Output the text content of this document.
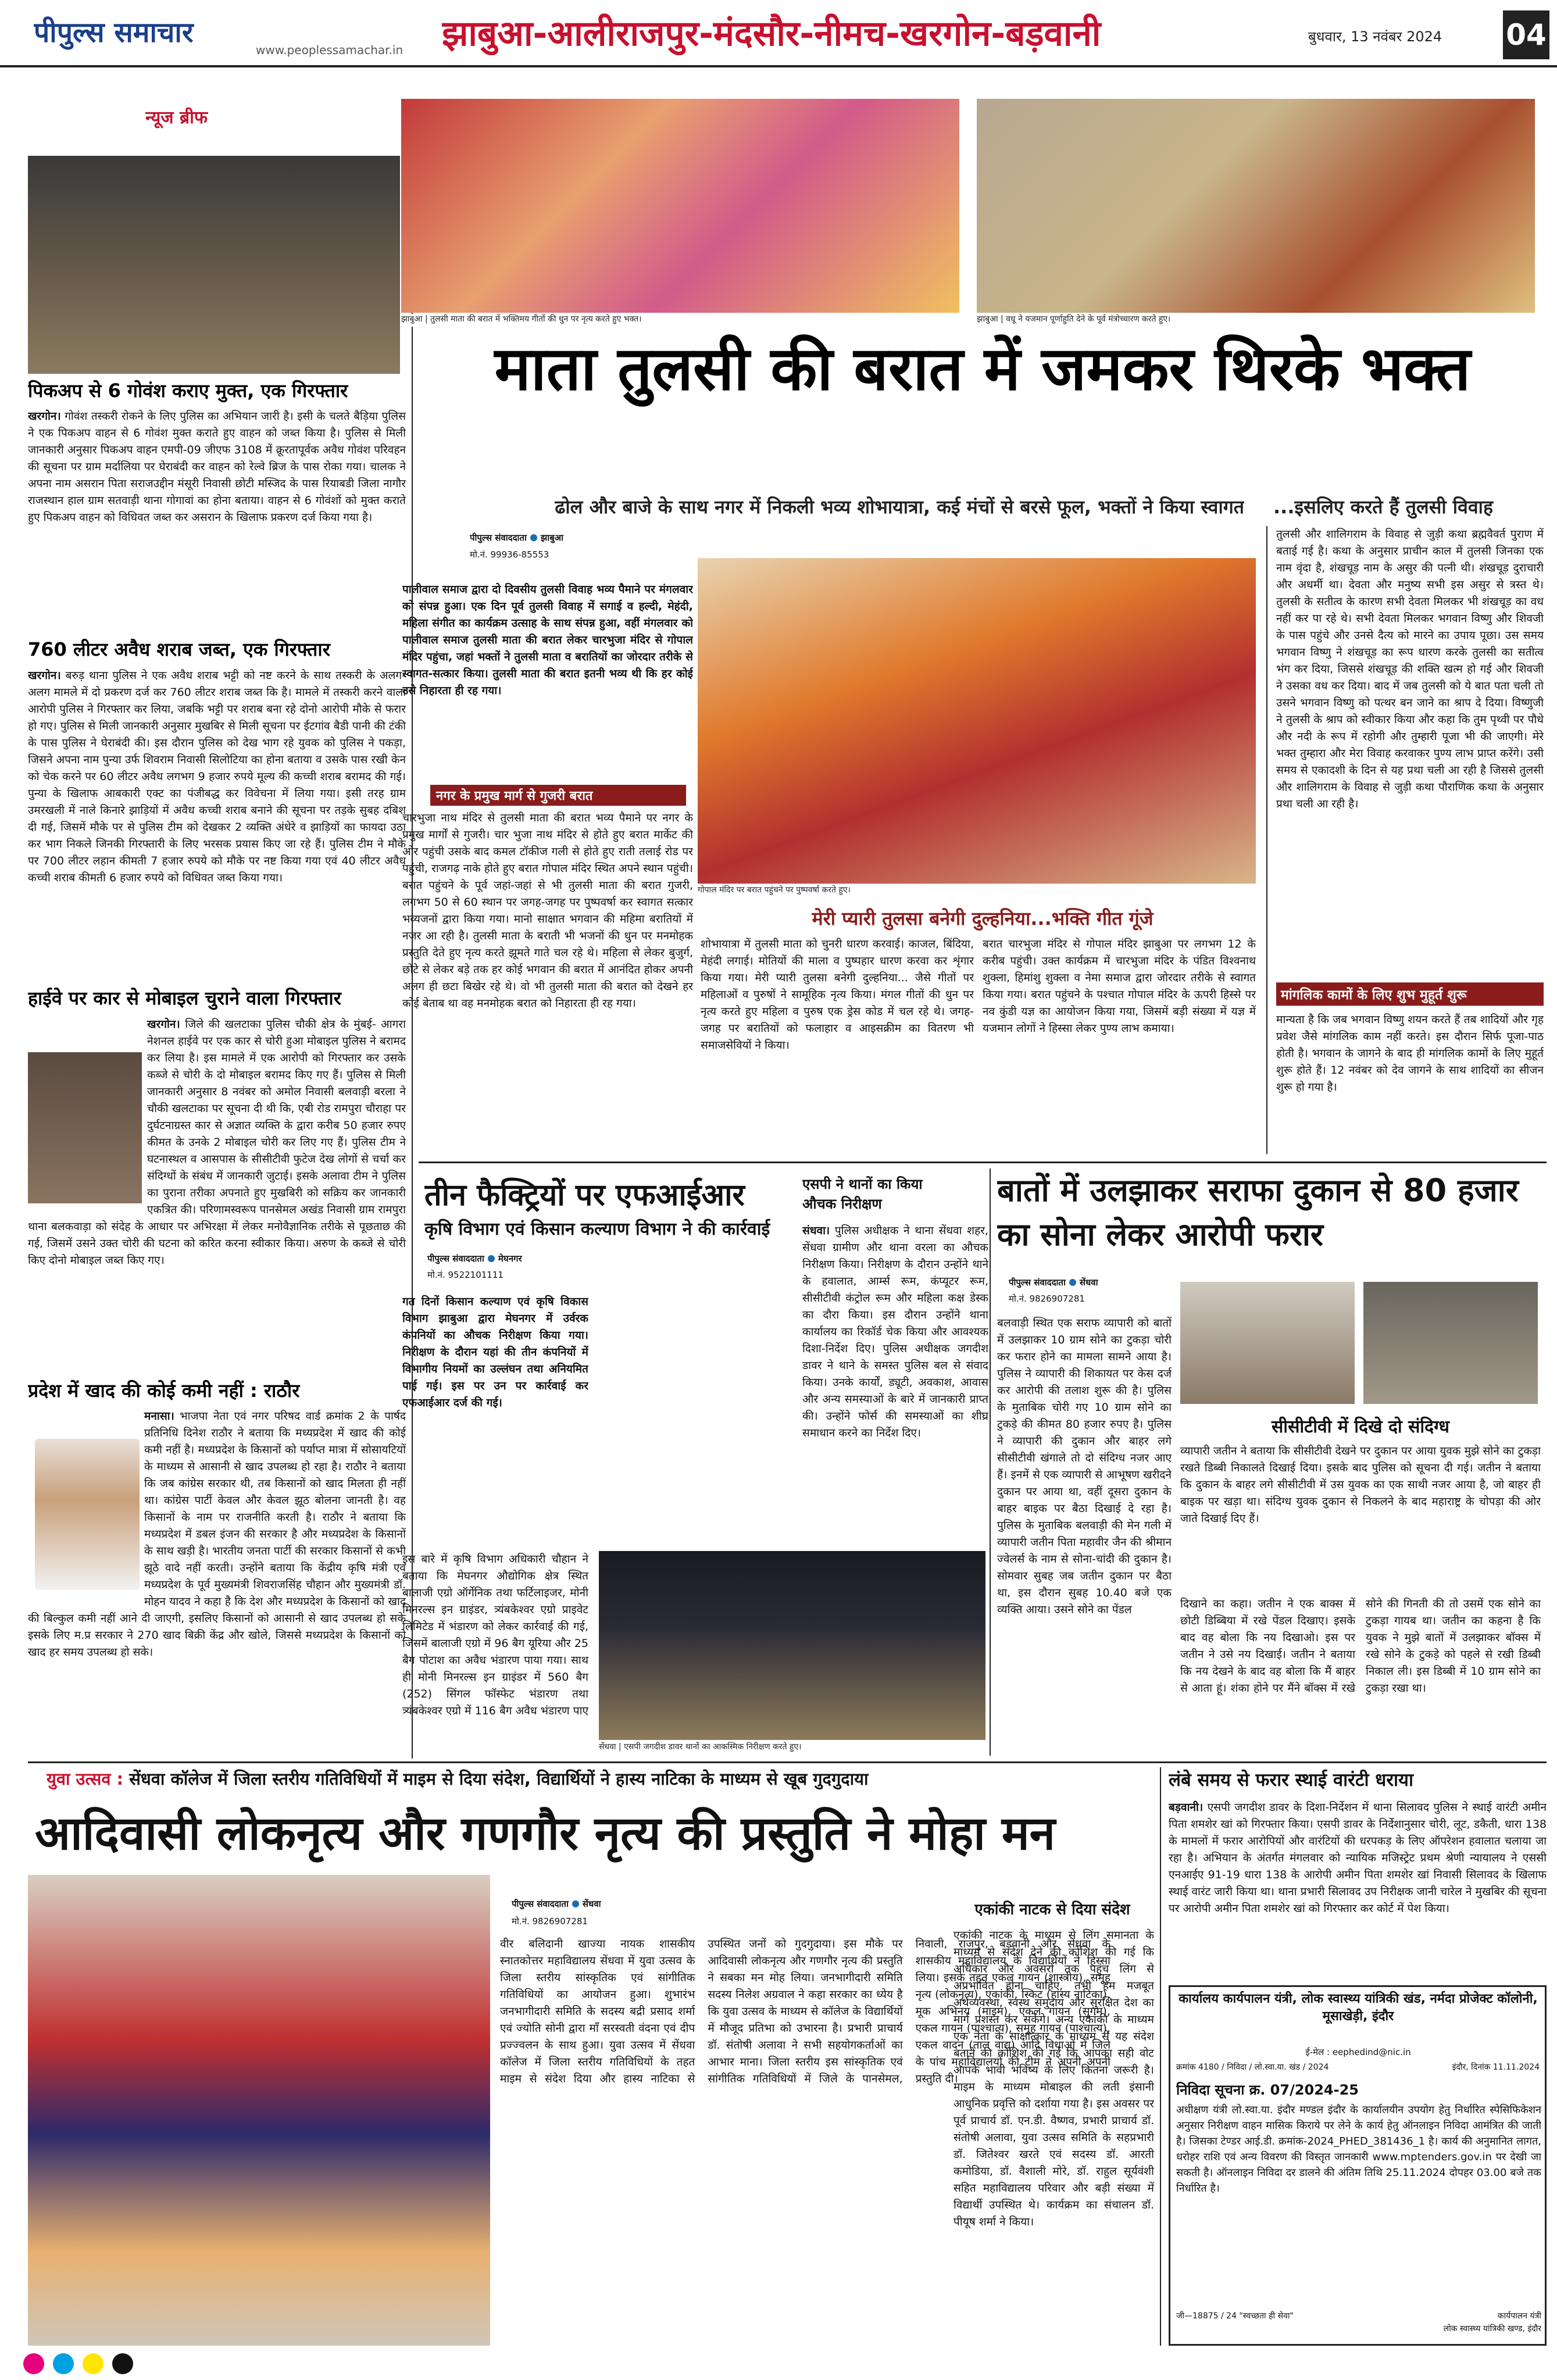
पीपुल्स समाचार
www.peoplessamachar.in	झाबुआ-आलीराजपुर-मंदसौर-नीमच-खरगोन-बड़वानी	बुधवार, 13 नवंबर 2024	04
न्यूज ब्रीफ
पिकअप से 6 गोवंश कराए मुक्त, एक गिरफ्तार
खरगोन। गोवंश तस्करी रोकने के लिए पुलिस का अभियान जारी है। इसी के चलते बैड़िया पुलिस ने एक पिकअप वाहन से 6 गोवंश मुक्त कराते हुए वाहन को जब्त किया है। पुलिस से मिली जानकारी अनुसार पिकअप वाहन एमपी-09 जीएफ 3108 में क्रूरतापूर्वक अवैध गोवंश परिवहन की सूचना पर ग्राम मर्दालिया पर घेराबंदी कर वाहन को रेल्वे ब्रिज के पास रोका गया। चालक ने अपना नाम असरान पिता सराजउद्दीन मंसूरी निवासी छोटी मस्जिद के पास रियाबडी जिला नागौर राजस्थान हाल ग्राम सतवाड़ी थाना गोगावां का होना बताया। वाहन से 6 गोवंशों को मुक्त कराते हुए पिकअप वाहन को विधिवत जब्त कर असरान के खिलाफ प्रकरण दर्ज किया गया है।
760 लीटर अवैध शराब जब्त, एक गिरफ्तार
खरगोन। बरुड़ थाना पुलिस ने एक अवैध शराब भट्टी को नष्ट करने के साथ तस्करी के अलग- अलग मामले में दो प्रकरण दर्ज कर 760 लीटर शराब जब्त कि है। मामले में तस्करी करने वाला आरोपी पुलिस ने गिरफ्तार कर लिया, जबकि भट्टी पर शराब बना रहे दोनो आरोपी मौके से फरार हो गए। पुलिस से मिली जानकारी अनुसार मुखबिर से मिली सूचना पर ईटगांव बैडी पानी की टंकी के पास पुलिस ने घेराबंदी की। इस दौरान पुलिस को देख भाग रहे युवक को पुलिस ने पकड़ा, जिसने अपना नाम पुन्या उर्फ शिवराम निवासी सिलोटिया का होना बताया व उसके पास रखी केन को चेक करने पर 60 लीटर अवैध लगभग 9 हजार रुपये मूल्य की कच्ची शराब बरामद की गई। पुन्या के खिलाफ आबकारी एक्ट का पंजीबद्ध कर विवेचना में लिया गया। इसी तरह ग्राम उमरखली में नाले किनारे झाड़ियों में अवैध कच्ची शराब बनाने की सूचना पर तड़के सुबह दबिश दी गई, जिसमें मौके पर से पुलिस टीम को देखकर 2 व्यक्ति अंधेरे व झाड़ियों का फायदा उठा कर भाग निकले जिनकी गिरफ्तारी के लिए भरसक प्रयास किए जा रहे हैं। पुलिस टीम ने मौके पर 700 लीटर लहान कीमती 7 हजार रुपये को मौके पर नष्ट किया गया एवं 40 लीटर अवैध कच्ची शराब कीमती 6 हजार रुपये को विधिवत जब्त किया गया।
हाईवे पर कार से मोबाइल चुराने वाला गिरफ्तार
खरगोन। जिले की खलटाका पुलिस चौकी क्षेत्र के मुंबई- आगरा नेशनल हाईवे पर एक कार से चोरी हुआ मोबाइल पुलिस ने बरामद कर लिया है। इस मामले में एक आरोपी को गिरफ्तार कर उसके कब्जे से चोरी के दो मोबाइल बरामद किए गए हैं। पुलिस से मिली जानकारी अनुसार 8 नवंबर को अमोल निवासी बलवाड़ी बरला ने चौकी खलटाका पर सूचना दी थी कि, एबी रोड रामपुरा चौराहा पर दुर्घटनाग्रस्त कार से अज्ञात व्यक्ति के द्वारा करीब 50 हजार रुपए कीमत के उनके 2 मोबाइल चोरी कर लिए गए हैं। पुलिस टीम ने घटनास्थल व आसपास के सीसीटीवी फुटेज देख लोगों से चर्चा कर संदिग्धों के संबंध में जानकारी जुटाई। इसके अलावा टीम ने पुलिस का पुराना तरीका अपनाते हुए मुखबिरी को सक्रिय कर जानकारी एकत्रित की। परिणामस्वरूप पानसेमल अखंड निवासी ग्राम रामपुरा थाना बलकवाड़ा को संदेह के आधार पर अभिरक्षा में लेकर मनोवैज्ञानिक तरीके से पूछताछ की गई, जिसमें उसने उक्त चोरी की घटना को करित करना स्वीकार किया। अरुण के कब्जे से चोरी किए दोनो मोबाइल जब्त किए गए।
प्रदेश में खाद की कोई कमी नहीं : राठौर
मनासा। भाजपा नेता एवं नगर परिषद वार्ड क्रमांक 2 के पार्षद प्रतिनिधि दिनेश राठौर ने बताया कि मध्यप्रदेश में खाद की कोई कमी नहीं है। मध्यप्रदेश के किसानों को पर्याप्त मात्रा में सोसायटियों के माध्यम से आसानी से खाद उपलब्ध हो रहा है। राठौर ने बताया कि जब कांग्रेस सरकार थी, तब किसानों को खाद मिलता ही नहीं था। कांग्रेस पार्टी केवल और केवल झूठ बोलना जानती है। वह किसानों के नाम पर राजनीति करती है। राठौर ने बताया कि मध्यप्रदेश में डबल इंजन की सरकार है और मध्यप्रदेश के किसानों के साथ खड़ी है। भारतीय जनता पार्टी की सरकार किसानों से कभी झूठे वादे नहीं करती। उन्होंने बताया कि केंद्रीय कृषि मंत्री एवं मध्यप्रदेश के पूर्व मुख्यमंत्री शिवराजसिंह चौहान और मुख्यमंत्री डॉ. मोहन यादव ने कहा है कि देश और मध्यप्रदेश के किसानों को खाद की बिल्कुल कमी नहीं आने दी जाएगी, इसलिए किसानों को आसानी से खाद उपलब्ध हो सके इसके लिए म.प्र सरकार ने 270 खाद बिक्री केंद्र और खोले, जिससे मध्यप्रदेश के किसानों को खाद हर समय उपलब्ध हो सके।
झाबुआ | तुलसी माता की बरात में भक्तिमय गीतों की धुन पर नृत्य करते हुए भक्त।	झाबुआ | वधू ने यजमान पूर्णाहुति देने के पूर्व मंत्रोच्चारण करते हुए।
माता तुलसी की बरात में जमकर थिरके भक्त
ढोल और बाजे के साथ नगर में निकली भव्य शोभायात्रा, कई मंचों से बरसे फूल, भक्तों ने किया स्वागत ...इसलिए करते हैं तुलसी विवाह
पीपुल्स संवाददाता झाबुआ
मो.नं. 99936-85553
पालीवाल समाज द्वारा दो दिवसीय तुलसी विवाह भव्य पैमाने पर मंगलवार को संपन्न हुआ। एक दिन पूर्व तुलसी विवाह में सगाई व हल्दी, मेहंदी, महिला संगीत का कार्यक्रम उत्साह के साथ संपन्न हुआ, वहीं मंगलवार को पालीवाल समाज तुलसी माता की बरात लेकर चारभुजा मंदिर से गोपाल मंदिर पहुंचा, जहां भक्तों ने तुलसी माता व बरातियों का जोरदार तरीके से स्वागत-सत्कार किया। तुलसी माता की बरात इतनी भव्य थी कि हर कोई उसे निहारता ही रह गया।
नगर के प्रमुख मार्ग से गुजरी बरात
चारभुजा नाथ मंदिर से तुलसी माता की बरात भव्य पैमाने पर नगर के प्रमुख मार्गों से गुजरी। चार भुजा नाथ मंदिर से होते हुए बरात मार्केट की ओर पहुंची उसके बाद कमल टॉकीज गली से होते हुए राती तलाई रोड पर पहुंची, राजगढ़ नाके होते हुए बरात गोपाल मंदिर स्थित अपने स्थान पहुंची। बरात पहुंचने के पूर्व जहां-जहां से भी तुलसी माता की बरात गुजरी, लगभग 50 से 60 स्थान पर जगह-जगह पर पुष्पवर्षा कर स्वागत सत्कार भव्यजनों द्वारा किया गया। मानो साक्षात भगवान की महिमा बरातियों में नजर आ रही है। तुलसी माता के बराती भी भजनों की धुन पर मनमोहक प्रस्तुति देते हुए नृत्य करते झूमते गाते चल रहे थे। महिला से लेकर बुजुर्ग, छोटे से लेकर बड़े तक हर कोई भगवान की बरात में आनंदित होकर अपनी अलग ही छटा बिखेर रहे थे। वो भी तुलसी माता की बरात को देखने हर कोई बेताब था वह मनमोहक बरात को निहारता ही रह गया।
गोपाल मंदिर पर बरात पहुंचने पर पुष्पवर्षा करते हुए।
मेरी प्यारी तुलसा बनेगी दुल्हनिया...भक्ति गीत गूंजे
शोभायात्रा में तुलसी माता को चुनरी धारण करवाई। काजल, बिंदिया, मेहंदी लगाई। मोतियों की माला व पुष्पहार धारण करवा कर शृंगार किया गया। मेरी प्यारी तुलसा बनेगी दुल्हनिया... जैसे गीतों पर महिलाओं व पुरुषों ने सामूहिक नृत्य किया। मंगल गीतों की धुन पर नृत्य करते हुए महिला व पुरुष एक ड्रेस कोड में चल रहे थे। जगह-जगह पर बरातियों को फलाहार व आइसक्रीम का वितरण भी समाजसेवियों ने किया।
बरात चारभुजा मंदिर से गोपाल मंदिर झाबुआ पर लगभग 12 के करीब पहुंची। उक्त कार्यक्रम में चारभुजा मंदिर के पंडित विश्वनाथ शुक्ला, हिमांशु शुक्ला व नेमा समाज द्वारा जोरदार तरीके से स्वागत किया गया। बरात पहुंचने के पश्चात गोपाल मंदिर के ऊपरी हिस्से पर नव कुंडी यज्ञ का आयोजन किया गया, जिसमें बड़ी संख्या में यज्ञ में यजमान लोगों ने हिस्सा लेकर पुण्य लाभ कमाया।
तुलसी और शालिगराम के विवाह से जुड़ी कथा ब्रह्मवैवर्त पुराण में बताई गई है। कथा के अनुसार प्राचीन काल में तुलसी जिनका एक नाम वृंदा है, शंखचूड़ नाम के असुर की पत्नी थी। शंखचूड़ दुराचारी और अधर्मी था। देवता और मनुष्य सभी इस असुर से त्रस्त थे। तुलसी के सतीत्व के कारण सभी देवता मिलकर भी शंखचूड़ का वध नहीं कर पा रहे थे। सभी देवता मिलकर भगवान विष्णु और शिवजी के पास पहुंचे और उनसे दैत्य को मारने का उपाय पूछा। उस समय भगवान विष्णु ने शंखचूड़ का रूप धारण करके तुलसी का सतीत्व भंग कर दिया, जिससे शंखचूड़ की शक्ति खत्म हो गई और शिवजी ने उसका वध कर दिया। बाद में जब तुलसी को ये बात पता चली तो उसने भगवान विष्णु को पत्थर बन जाने का श्राप दे दिया। विष्णुजी ने तुलसी के श्राप को स्वीकार किया और कहा कि तुम पृथ्वी पर पौधे और नदी के रूप में रहोगी और तुम्हारी पूजा भी की जाएगी। मेरे भक्त तुम्हारा और मेरा विवाह करवाकर पुण्य लाभ प्राप्त करेंगे। उसी समय से एकादशी के दिन से यह प्रथा चली आ रही है जिससे तुलसी और शालिगराम के विवाह से जुड़ी कथा पौराणिक कथा के अनुसार प्रथा चली आ रही है।
मांगलिक कामों के लिए शुभ मुहूर्त शुरू
मान्यता है कि जब भगवान विष्णु शयन करते हैं तब शादियों और गृह प्रवेश जैसे मांगलिक काम नहीं करते। इस दौरान सिर्फ पूजा-पाठ होती है। भगवान के जागने के बाद ही मांगलिक कामों के लिए मुहूर्त शुरू होते हैं। 12 नवंबर को देव जागने के साथ शादियों का सीजन शुरू हो गया है।
तीन फैक्ट्रियों पर एफआईआर
कृषि विभाग एवं किसान कल्याण विभाग ने की कार्रवाई
पीपुल्स संवाददाता मेघनगर
मो.नं. 9522101111
गत दिनों किसान कल्याण एवं कृषि विकास विभाग झाबुआ द्वारा मेघनगर में उर्वरक कंपनियों का औचक निरीक्षण किया गया। निरीक्षण के दौरान यहां की तीन कंपनियों में विभागीय नियमों का उल्लंघन तथा अनियमित पाई गई। इस पर उन पर कार्रवाई कर एफआईआर दर्ज की गई।
इस बारे में कृषि विभाग अधिकारी चौहान ने बताया कि मेघनगर औद्योगिक क्षेत्र स्थित बालाजी एग्रो ऑर्गेनिक तथा फर्टिलाइजर, मोनी मिनरल्स इन ग्राइंडर, त्र्यंबकेश्वर एग्रो प्राइवेट लिमिटेड में भंडारण को लेकर कार्रवाई की गई, जिसमें बालाजी एग्रो में 96 बैग यूरिया और 25 बैग पोटाश का अवैध भंडारण पाया गया। साथ ही मोनी मिनरल्स इन ग्राइंडर में 560 बैग (252) सिंगल फॉस्फेट भंडारण तथा त्र्यंबकेश्वर एग्रो में 116 बैग अवैध भंडारण पाए
एसपी ने थानों का किया
औचक निरीक्षण
संधवा। पुलिस अधीक्षक ने थाना सेंधवा शहर, सेंधवा ग्रामीण और थाना वरला का औचक निरीक्षण किया। निरीक्षण के दौरान उन्होंने थाने के हवालात, आर्म्स रूम, कंप्यूटर रूम, सीसीटीवी कंट्रोल रूम और महिला कक्ष डेस्क का दौरा किया। इस दौरान उन्होंने थाना कार्यालय का रिकॉर्ड चेक किया और आवश्यक दिशा-निर्देश दिए। पुलिस अधीक्षक जगदीश डावर ने थाने के समस्त पुलिस बल से संवाद किया। उनके कार्यों, ड्यूटी, अवकाश, आवास और अन्य समस्याओं के बारे में जानकारी प्राप्त की। उन्होंने फोर्स की समस्याओं का शीघ्र समाधान करने का निर्देश दिए।
सेंधवा | एसपी जगदीश डावर थानों का आकस्मिक निरीक्षण करते हुए।
बातों में उलझाकर सराफा दुकान से 80 हजार का सोना लेकर आरोपी फरार
पीपुल्स संवाददाता सेंधवा
मो.नं. 9826907281
बलवाड़ी स्थित एक सराफ व्यापारी को बातों में उलझाकर 10 ग्राम सोने का टुकड़ा चोरी कर फरार होने का मामला सामने आया है। पुलिस ने व्यापारी की शिकायत पर केस दर्ज कर आरोपी की तलाश शुरू की है। पुलिस के मुताबिक चोरी गए 10 ग्राम सोने का टुकड़े की कीमत 80 हजार रुपए है। पुलिस ने व्यापारी की दुकान और बाहर लगे सीसीटीवी खंगाले तो दो संदिग्ध नजर आए हैं। इनमें से एक व्यापारी से आभूषण खरीदने दुकान पर आया था, वहीं दूसरा दुकान के बाहर बाइक पर बैठा दिखाई दे रहा है। पुलिस के मुताबिक बलवाड़ी की मेन गली में व्यापारी जतीन पिता महावीर जैन की श्रीमान ज्वेलर्स के नाम से सोना-चांदी की दुकान है। सोमवार सुबह जब जतीन दुकान पर बैठा था, इस दौरान सुबह 10.40 बजे एक व्यक्ति आया। उसने सोने का पेंडल
सीसीटीवी में दिखे दो संदिग्ध
व्यापारी जतीन ने बताया कि सीसीटीवी देखने पर दुकान पर आया युवक मुझे सोने का टुकड़ा रखते डिब्बी निकालते दिखाई दिया। इसके बाद पुलिस को सूचना दी गई। जतीन ने बताया कि दुकान के बाहर लगे सीसीटीवी में उस युवक का एक साथी नजर आया है, जो बाहर ही बाइक पर खड़ा था। संदिग्ध युवक दुकान से निकलने के बाद महाराष्ट्र के चोपड़ा की ओर जाते दिखाई दिए हैं।
दिखाने का कहा। जतीन ने एक बाक्स में छोटी डिब्बिया में रखे पेंडल दिखाए। इसके बाद वह बोला कि नय दिखाओ। इस पर जतीन ने उसे नय दिखाई। जतीन ने बताया कि नय देखने के बाद वह बोला कि मैं बाहर से आता हूं। शंका होने पर मैंने बॉक्स में रखे सोने की गिनती की तो उसमें एक सोने का टुकड़ा गायब था। जतीन का कहना है कि युवक ने मुझे बातों में उलझाकर बॉक्स में रखे सोने के टुकड़े को पहले से रखी डिब्बी निकाल ली। इस डिब्बी में 10 ग्राम सोने का टुकड़ा रखा था।
युवा उत्सव : सेंधवा कॉलेज में जिला स्तरीय गतिविधियों में माइम से दिया संदेश, विद्यार्थियों ने हास्य नाटिका के माध्यम से खूब गुदगुदाया
आदिवासी लोकनृत्य और गणगौर नृत्य की प्रस्तुति ने मोहा मन
पीपुल्स संवाददाता सेंधवा
मो.नं. 9826907281
वीर बलिदानी खाज्या नायक शासकीय स्नातकोत्तर महाविद्यालय सेंधवा में युवा उत्सव के जिला स्तरीय सांस्कृतिक एवं सांगीतिक गतिविधियों का आयोजन हुआ। शुभारंभ जनभागीदारी समिति के सदस्य बद्री प्रसाद शर्मा एवं ज्योति सोनी द्वारा माँ सरस्वती वंदना एवं दीप प्रज्ज्वलन के साथ हुआ। युवा उत्सव में सेंधवा कॉलेज में जिला स्तरीय गतिविधियों के तहत माइम से संदेश दिया और हास्य नाटिका से उपस्थित जनों को गुदगुदाया। इस मौके पर आदिवासी लोकनृत्य और गणगौर नृत्य की प्रस्तुति ने सबका मन मोह लिया। जनभागीदारी समिति सदस्य निलेश अग्रवाल ने कहा सरकार का ध्येय है कि युवा उत्सव के माध्यम से कॉलेज के विद्यार्थियों में मौजूद प्रतिभा को उभारना है। प्रभारी प्राचार्य डॉ. संतोषी अलावा ने सभी सहयोगकर्ताओं का आभार माना। जिला स्तरीय इस सांस्कृतिक एवं सांगीतिक गतिविधियों में जिले के पानसेमल, निवाली, राजपुर, बड़वानी और सेंधवा के शासकीय महाविद्यालय के विद्यार्थियों ने हिस्सा लिया। इसके तहत एकल गायन (शास्त्रीय), समूह नृत्य (लोकनृत्य), एकांकी, स्किट (हास्य नाटिका), मूक अभिनय (माइम), एकल गायन (सुगम), एकल गायन (पाश्चात्य), समूह गायन (पाश्चात्य), एकल वादन (ताल वाद्य) आदि विधाओं में जिले के पांच महाविद्यालयों की टीम ने अपनी अपनी प्रस्तुति दी।
एकांकी नाटक से दिया संदेश
एकांकी नाटक के माध्यम से लिंग समानता के माध्यम से संदेश देने की कोशिश की गई कि अधिकार और अवसरों तक पहुंच लिंग से अप्रभावित होना चाहिए, तभी हम मजबूत अर्थव्यवस्था, स्वस्थ समुदाय और सुरक्षित देश का मार्ग प्रशस्त कर सकेंगे। अन्य एकांकी के माध्यम एक नेता के साक्षात्कार के माध्यम से यह संदेश बताने की कोशिश की गई कि आपका सही वोट आपके भावी भविष्य के लिए कितना जरूरी है। माइम के माध्यम मोबाइल की लती इंसानी आधुनिक प्रवृत्ति को दर्शाया गया है। इस अवसर पर पूर्व प्राचार्य डॉ. एन.डी. वैष्णव, प्रभारी प्राचार्य डॉ. संतोषी अलावा, युवा उत्सव समिति के सहप्रभारी डॉ. जितेश्वर खरते एवं सदस्य डॉ. आरती कमोडिया, डॉ. वैशाली मोरे, डॉ. राहुल सूर्यवंशी सहित महाविद्यालय परिवार और बड़ी संख्या में विद्यार्थी उपस्थित थे। कार्यक्रम का संचालन डॉ. पीयूष शर्मा ने किया।
लंबे समय से फरार स्थाई वारंटी धराया
बड़वानी। एसपी जगदीश डावर के दिशा-निर्देशन में थाना सिलावद पुलिस ने स्थाई वारंटी अमीन पिता शमशेर खां को गिरफ्तार किया। एसपी डावर के निर्देशानुसार चोरी, लूट, डकैती, धारा 138 के मामलों में फरार आरोपियों और वारंटियों की धरपकड़ के लिए ऑपरेशन हवालात चलाया जा रहा है। अभियान के अंतर्गत मंगलवार को न्यायिक मजिस्ट्रेट प्रथम श्रेणी न्यायालय ने एससी एनआईए 91-19 धारा 138 के आरोपी अमीन पिता शमशेर खां निवासी सिलावद के खिलाफ स्थाई वारंट जारी किया था। थाना प्रभारी सिलावद उप निरीक्षक जानी चारेल ने मुखबिर की सूचना पर आरोपी अमीन पिता शमशेर खां को गिरफ्तार कर कोर्ट में पेश किया।
कार्यालय कार्यपालन यंत्री, लोक स्वास्थ्य यांत्रिकी खंड, नर्मदा प्रोजेक्ट कॉलोनी, मूसाखेड़ी, इंदौर
ई-मेल : eephedind@nic.in
क्रमांक 4180 / निविदा / लो.स्वा.या. खंड / 2024	इंदौर, दिनांक 11.11.2024
निविदा सूचना क्र. 07/2024-25
अधीक्षण यंत्री लो.स्वा.या. इंदौर मण्डल इंदौर के कार्यालयीन उपयोग हेतु निर्धारित स्पेसिफिकेशन अनुसार निरीक्षण वाहन मासिक किराये पर लेने के कार्य हेतु ऑनलाइन निविदा आमंत्रित की जाती है। जिसका टेण्डर आई.डी. क्रमांक-2024_PHED_381436_1 है। कार्य की अनुमानित लागत, धरोहर राशि एवं अन्य विवरण की विस्तृत जानकारी www.mptenders.gov.in पर देखी जा सकती है। ऑनलाइन निविदा दर डालने की अंतिम तिथि 25.11.2024 दोपहर 03.00 बजे तक निर्धारित है।
जी—18875 / 24 "स्वच्छता ही सेवा"	कार्यपालन यंत्री
लोक स्वास्थ्य यांत्रिकी खण्ड, इंदौर
